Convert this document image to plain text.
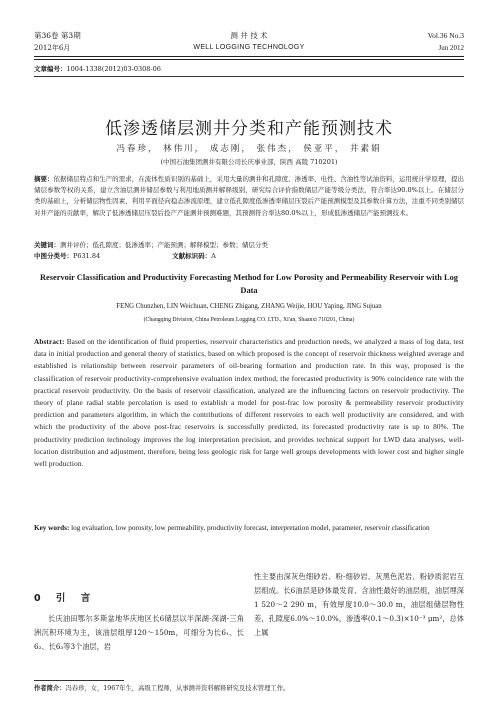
第36卷 第3期	测 井 技 术	Vol.36 No.3
2012年6月	WELL LOGGING TECHNOLOGY	Jun 2012
文章编号：1004-1338(2012)03-0308-06
低渗透储层测井分类和产能预测技术
冯春珍， 林伟川， 成志刚， 张伟杰， 侯亚平， 井素娟
(中国石油集团测井有限公司长庆事业部，陕西 高陵 710201)
摘要：依据储层特点和生产的需求，在流体性质识别的基础上，采用大量的测井和孔隙度、渗透率、电性、含油性等试油资料，运用统计学原理，提出储层参数等权的关系，建立含油层测井储层参数与利用地质测井解释级别，研究综合评价指数储层产能等级分类法，符合率达90.0%以上。在储层分类的基础上，分析储层物性因素，利用平面径向稳态渗流原理，建立低孔隙度低渗透率储层压裂后产能预测模型及其参数计算方法，注重不同类别储层对井产能的贡献率，解决了低渗透储层压裂后投产产能测井预测难题，其预测符合率达80.0%以上，形成低渗透储层产能预测技术。
关键词：测井评价；低孔隙度；低渗透率；产能预测；解释模型；参数；储层分类
中图分类号：P631.84	文献标识码：A
Reservoir Classification and Productivity Forecasting Method for Low Porosity and Permeability Reservoir with Log Data
FENG Chunzhen, LIN Weichuan, CHENG Zhigang, ZHANG Weijie, HOU Yaping, JING Sujuan
(Changqing Division, China Petroleum Logging CO. LTD., Xi'an, Shaanxi 710201, China)
Abstract: Based on the identification of fluid properties, reservoir characteristics and production needs, we analyzed a mass of log data, test data in initial production and general theory of statistics, based on which proposed is the concept of reservoir thickness weighted average and established is relationship between reservoir parameters of oil-bearing formation and production rate. In this way, proposed is the classification of reservoir productivity-comprehensive evaluation index method, the forecasted productivity is 90% coincidence rate with the practical reservoir productivity. On the basis of reservoir classification, analyzed are the influencing factors on reservoir productivity. The theory of plane radial stable percolation is used to establish a model for post-frac low porosity & permeability reservoir productivity prediction and parameters algorithm, in which the contributions of different reservoirs to each well productivity are considered, and with which the productivity of the above post-frac reservoirs is successfully predicted, its forecasted productivity rate is up to 80%. The productivity prediction technology improves the log interpretation precision, and provides technical support for LWD data analyses, well-location distribution and adjustment, therefore, being less geologic risk for large well groups developments with lower cost and higher single well production.
Key words: log evaluation, low porosity, low permeability, productivity forecast, interpretation model, parameter, reservoir classification
0 引 言
长庆油田鄂尔多斯盆地华庆地区长6储层以半深湖-深湖-三角洲沉积环境为主，该油层组厚120～150m，可细分为长6₁、长6₂、长6₃等3个油层，岩
性主要由深灰色细砂岩、粉-细砂岩、灰黑色泥岩、粉砂质泥岩互层组成。长6油层是砂体最发育、含油性最好的油层组，油层埋深1 520～2 290 m，有效厚度10.0～30.0 m，油层组储层物性差，孔隙度6.0%～10.0%，渗透率(0.1～0.3)×10⁻³ μm²，总体上属
作者简介：冯春珍，女，1967年生，高级工程师，从事测井资料解释研究及技术管理工作。
